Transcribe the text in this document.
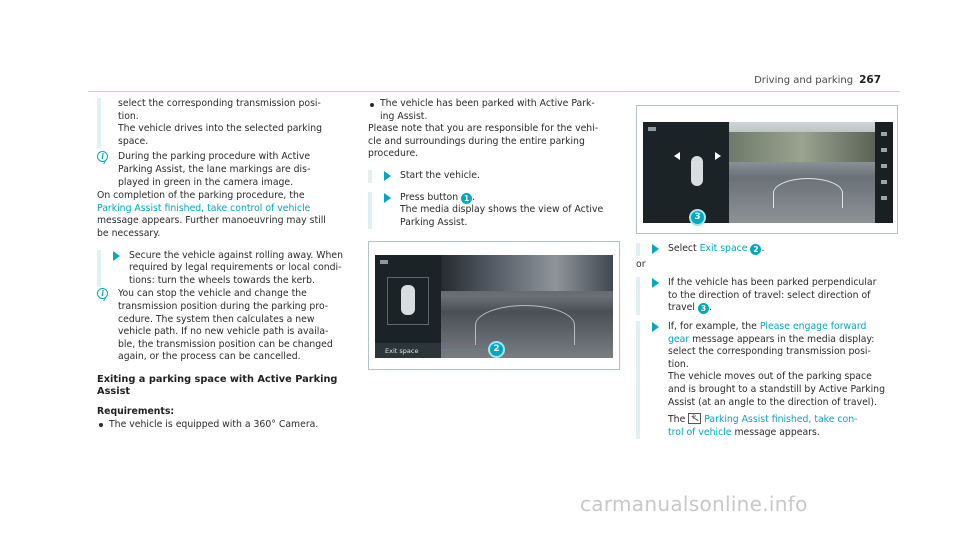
Driving and parking 267
select the corresponding transmission posi-
tion.
The vehicle drives into the selected parking
space.
i	During the parking procedure with Active
Parking Assist, the lane markings are dis-
played in green in the camera image.
On completion of the parking procedure, the
Parking Assist finished, take control of vehicle
message appears. Further manoeuvring may still
be necessary.
Secure the vehicle against rolling away. When
required by legal requirements or local condi-
tions: turn the wheels towards the kerb.
i	You can stop the vehicle and change the
transmission position during the parking pro-
cedure. The system then calculates a new
vehicle path. If no new vehicle path is availa-
ble, the transmission position can be changed
again, or the process can be cancelled.
Exiting a parking space with Active Parking Assist
Requirements:
The vehicle is equipped with a 360° Camera.
The vehicle has been parked with Active Park-
ing Assist.
Please note that you are responsible for the vehi-
cle and surroundings during the entire parking
procedure.
Start the vehicle.
Press button 1 .
The media display shows the view of Active
Parking Assist.
Exit space	2
3
Select Exit space 2 .
or
If the vehicle has been parked perpendicular
to the direction of travel: select direction of
travel 3 .
If, for example, the Please engage forward
gear message appears in the media display:
select the corresponding transmission posi-
tion.
The vehicle moves out of the parking space
and is brought to a standstill by Active Parking
Assist (at an angle to the direction of travel).
The P Parking Assist finished, take con-
trol of vehicle message appears.
carmanualsonline.info
